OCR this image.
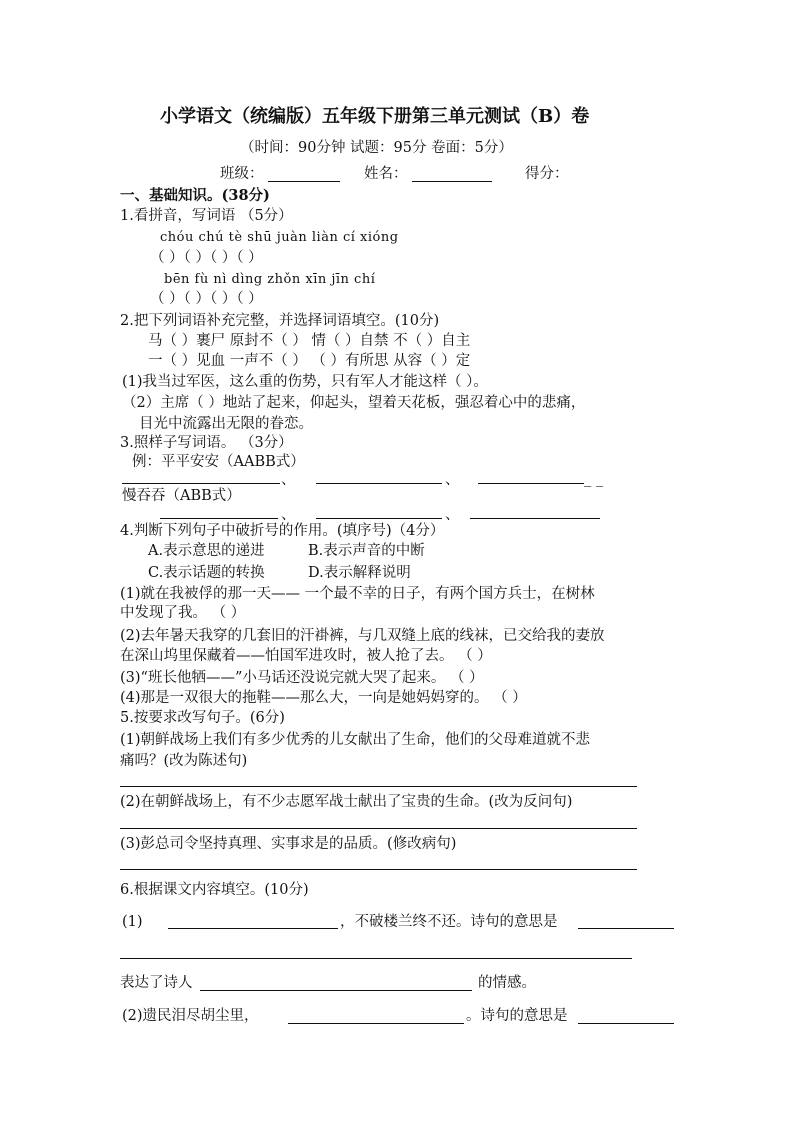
小学语文（统编版）五年级下册第三单元测试（B）卷
（时间：90分钟 试题：95分 卷面：5分）
班级：	姓名：	得分：
一、基础知识。(38分)
1.看拼音，写词语 （5分）
chóu chú tè shū juàn liàn cí xióng
（ ）（ ）（ ）（ ）
bēn fù nì dìng zhǒn xīn jīn chí
（ ）（ ）（ ）（ ）
2.把下列词语补充完整，并选择词语填空。(10分)
马（ ）裹尸 原封不（ ） 情（ ）自禁 不（ ）自主
一（ ）见血 一声不（ ） （ ）有所思 从容（ ）定
(1)我当过军医，这么重的伤势，只有军人才能这样（ ）。
（2）主席（ ）地站了起来，仰起头，望着天花板，强忍着心中的悲痛，
目光中流露出无限的眷恋。
3.照样子写词语。 （3分）
例：平平安安（AABB式）
、	、	_ _
慢吞吞（ABB式）
、	、
4.判断下列句子中破折号的作用。(填序号)（4分）
A.表示意思的递进	B.表示声音的中断
C.表示话题的转换	D.表示解释说明
(1)就在我被俘的那一天—— 一个最不幸的日子，有两个国方兵士，在树林
中发现了我。 （ ）
(2)去年暑天我穿的几套旧的汗褂裤，与几双缝上底的线袜，已交给我的妻放
在深山坞里保藏着——怕国军进攻时，被人抢了去。 （ ）
(3)“班长他牺——”小马话还没说完就大哭了起来。 （ ）
(4)那是一双很大的拖鞋——那么大，一向是她妈妈穿的。 （ ）
5.按要求改写句子。(6分)
(1)朝鲜战场上我们有多少优秀的儿女献出了生命，他们的父母难道就不悲
痛吗？(改为陈述句)
(2)在朝鲜战场上，有不少志愿军战士献出了宝贵的生命。(改为反问句)
(3)彭总司令坚持真理、实事求是的品质。(修改病句)
6.根据课文内容填空。(10分)
(1)	，不破楼兰终不还。诗句的意思是
表达了诗人	的情感。
(2)遗民泪尽胡尘里，	。诗句的意思是
